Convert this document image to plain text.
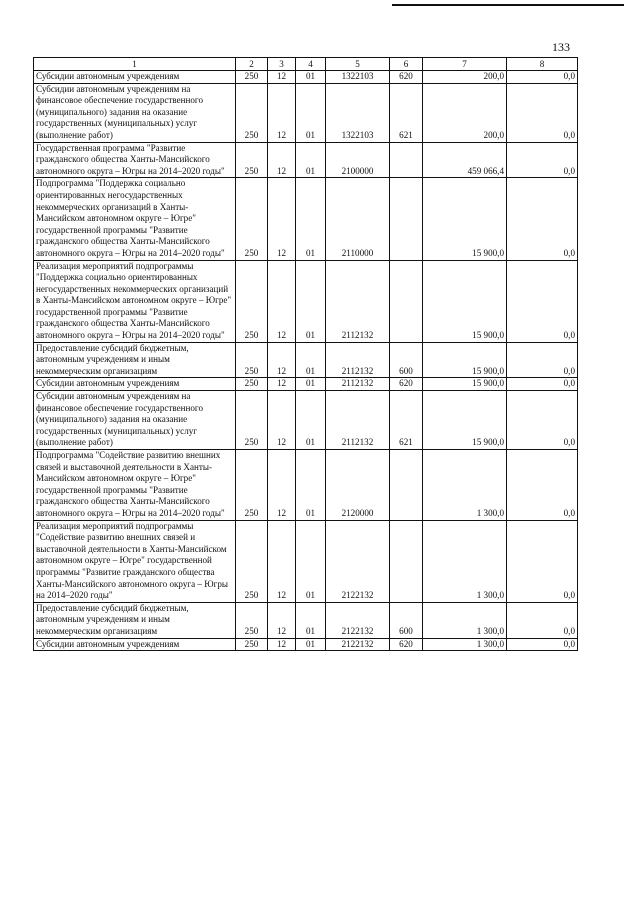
133
1	2	3	4	5	6	7	8
Субсидии автономным учреждениям	250	12	01	1322103	620	200,0	0,0
Субсидии автономным учреждениям на финансовое обеспечение государственного (муниципального) задания на оказание государственных (муниципальных) услуг (выполнение работ)	250	12	01	1322103	621	200,0	0,0
Государственная программа "Развитие гражданского общества Ханты-Мансийского автономного округа – Югры на 2014–2020 годы"	250	12	01	2100000		459 066,4	0,0
Подпрограмма "Поддержка социально ориентированных негосударственных некоммерческих организаций в Ханты-Мансийском автономном округе – Югре" государственной программы "Развитие гражданского общества Ханты-Мансийского автономного округа – Югры на 2014–2020 годы"	250	12	01	2110000		15 900,0	0,0
Реализация мероприятий подпрограммы "Поддержка социально ориентированных негосударственных некоммерческих организаций в Ханты-Мансийском автономном округе – Югре" государственной программы "Развитие гражданского общества Ханты-Мансийского автономного округа – Югры на 2014–2020 годы"	250	12	01	2112132		15 900,0	0,0
Предоставление субсидий бюджетным, автономным учреждениям и иным некоммерческим организациям	250	12	01	2112132	600	15 900,0	0,0
Субсидии автономным учреждениям	250	12	01	2112132	620	15 900,0	0,0
Субсидии автономным учреждениям на финансовое обеспечение государственного (муниципального) задания на оказание государственных (муниципальных) услуг (выполнение работ)	250	12	01	2112132	621	15 900,0	0,0
Подпрограмма "Содействие развитию внешних связей и выставочной деятельности в Ханты-Мансийском автономном округе – Югре" государственной программы "Развитие гражданского общества Ханты-Мансийского автономного округа – Югры на 2014–2020 годы"	250	12	01	2120000		1 300,0	0,0
Реализация мероприятий подпрограммы "Содействие развитию внешних связей и выставочной деятельности в Ханты-Мансийском автономном округе – Югре" государственной программы "Развитие гражданского общества Ханты-Мансийского автономного округа – Югры на 2014–2020 годы"	250	12	01	2122132		1 300,0	0,0
Предоставление субсидий бюджетным, автономным учреждениям и иным некоммерческим организациям	250	12	01	2122132	600	1 300,0	0,0
Субсидии автономным учреждениям	250	12	01	2122132	620	1 300,0	0,0
